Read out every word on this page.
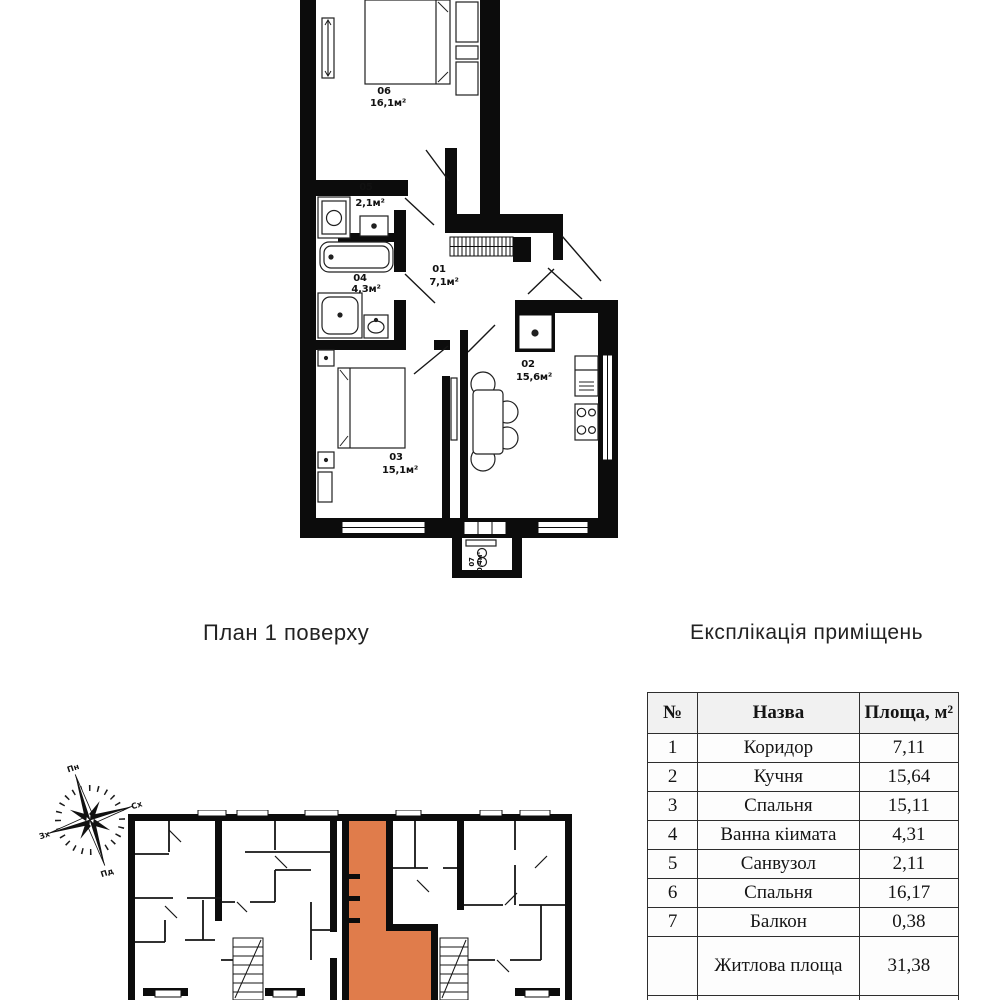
06
16,1м²
05
2,1м²
04
4,3м²
01
7,1м²
03
15,1м²
02
15,6м²
07 0,4м²
План 1 поверху	Експлікація приміщень
Пн
Сх
Пд
Зх
№	Назва	Площа, м²
1	Коридор	7,11
2	Кучня	15,64
3	Спальня	15,11
4	Ванна кіимата	4,31
5	Санвузол	2,11
6	Спальня	16,17
7	Балкон	0,38
	Житлова площа	31,38
